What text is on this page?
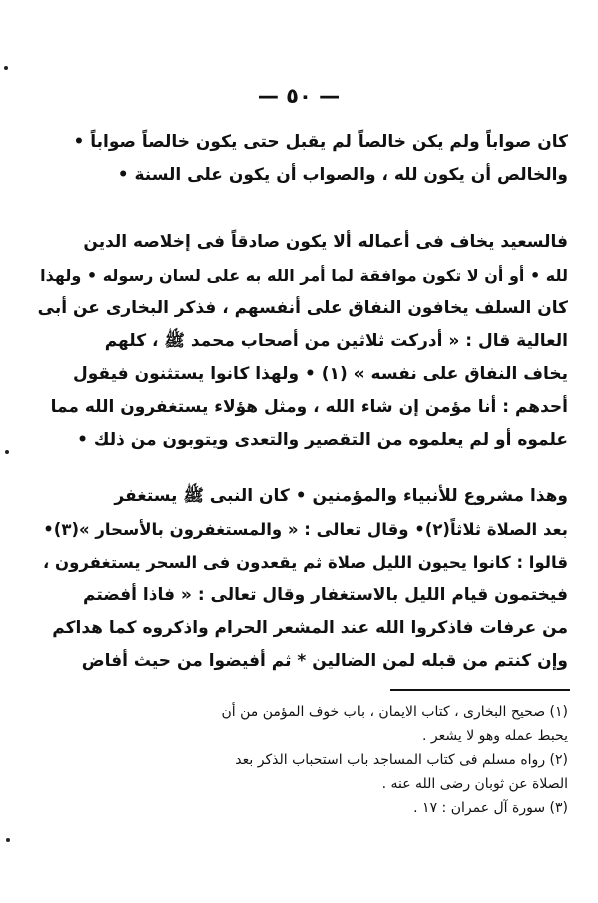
— ٥٠ —
كان صواباً ولم يكن خالصاً لم يقبل حتى يكون خالصاً صواباً •
والخالص أن يكون لله ، والصواب أن يكون على السنة •
فالسعيد يخاف فى أعماله ألا يكون صادقاً فى إخلاصه الدين
لله • أو أن لا تكون موافقة لما أمر الله به على لسان رسوله • ولهذا
كان السلف يخافون النفاق على أنفسهم ، فذكر البخارى عن أبى
العالية قال : « أدركت ثلاثين من أصحاب محمد ﷺ ، كلهم
يخاف النفاق على نفسه » (١) • ولهذا كانوا يستثنون فيقول
أحدهم : أنا مؤمن إن شاء الله ، ومثل هؤلاء يستغفرون الله مما
علموه أو لم يعلموه من التقصير والتعدى ويتوبون من ذلك •
وهذا مشروع للأنبياء والمؤمنين • كان النبى ﷺ يستغفر
بعد الصلاة ثلاثاً(٢)• وقال تعالى : « والمستغفرون بالأسحار »(٣)•
قالوا : كانوا يحيون الليل صلاة ثم يقعدون فى السحر يستغفرون ،
فيختمون قيام الليل بالاستغفار وقال تعالى : « فاذا أفضتم
من عرفات فاذكروا الله عند المشعر الحرام واذكروه كما هداكم
وإن كنتم من قبله لمن الضالين * ثم أفيضوا من حيث أفاض
(١) صحيح البخارى ، كتاب الايمان ، باب خوف المؤمن من أن
يحبط عمله وهو لا يشعر .
(٢) رواه مسلم فى كتاب المساجد باب استحباب الذكر بعد
الصلاة عن ثوبان رضى الله عنه .
(٣) سورة آل عمران : ١٧ .
